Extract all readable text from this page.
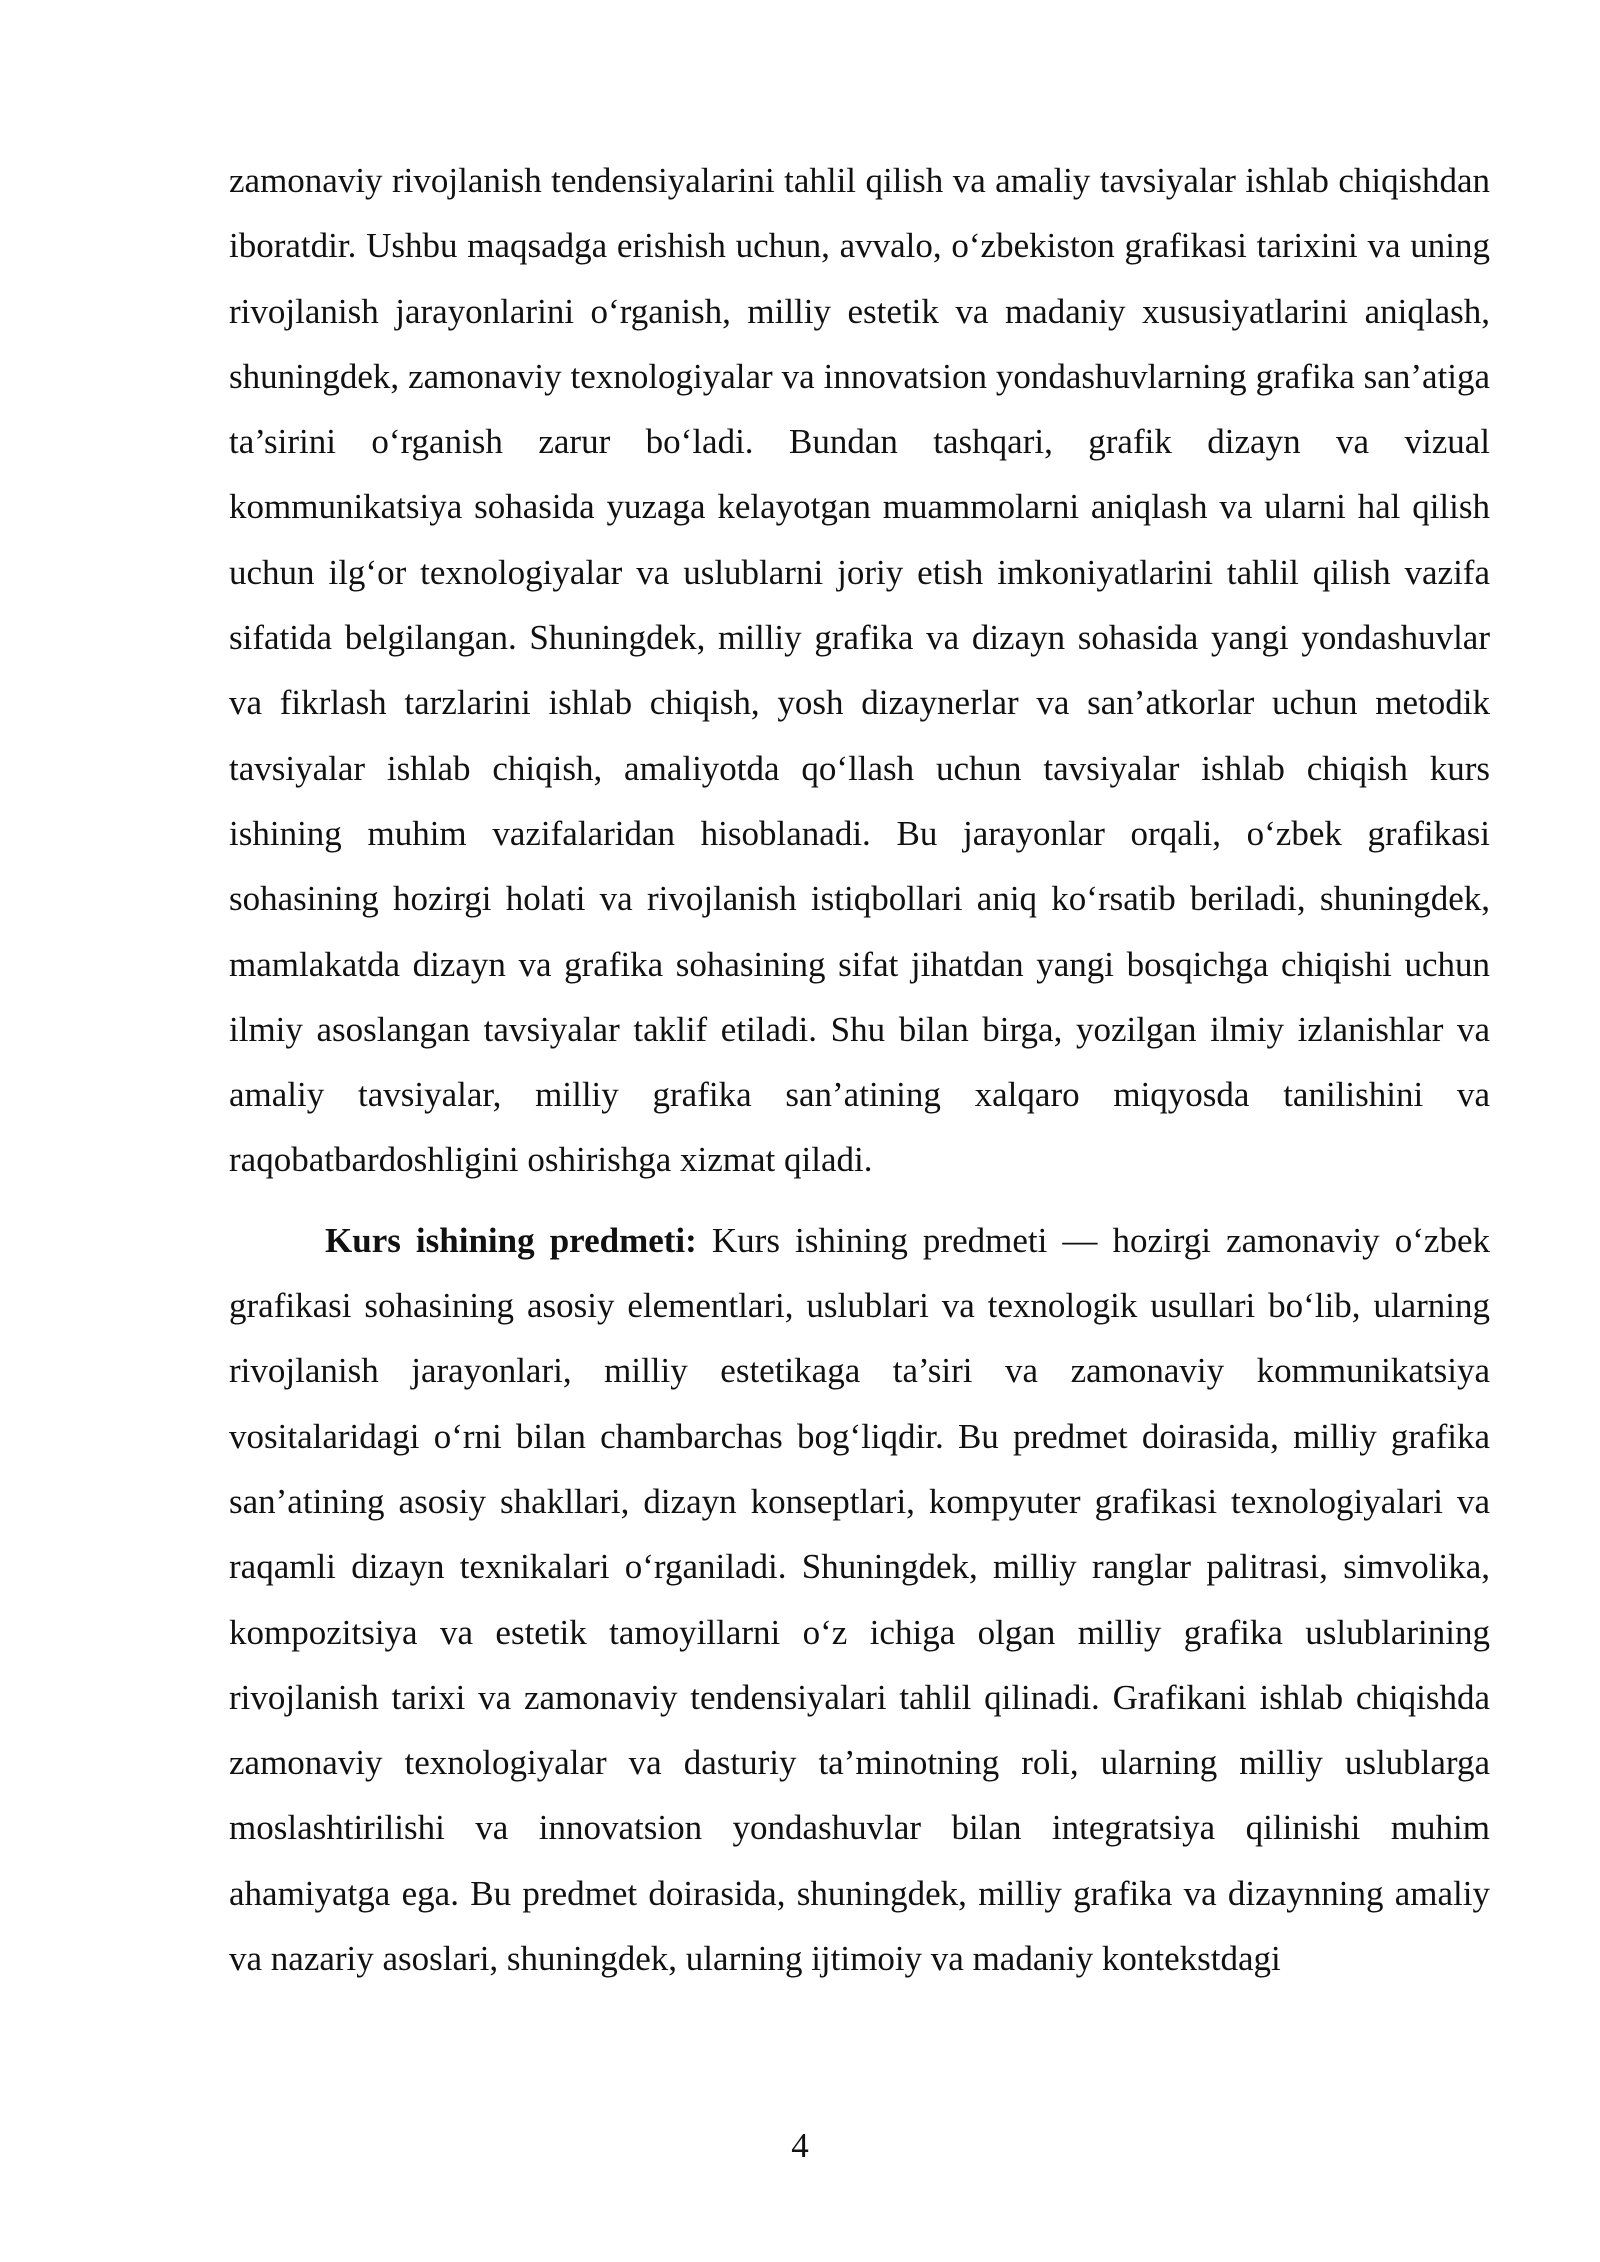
zamonaviy rivojlanish tendensiyalarini tahlil qilish va amaliy tavsiyalar ishlab chiqishdan iboratdir. Ushbu maqsadga erishish uchun, avvalo, o‘zbekiston grafikasi tarixini va uning rivojlanish jarayonlarini o‘rganish, milliy estetik va madaniy xususiyatlarini aniqlash, shuningdek, zamonaviy texnologiyalar va innovatsion yondashuvlarning grafika san’atiga ta’sirini o‘rganish zarur bo‘ladi. Bundan tashqari, grafik dizayn va vizual kommunikatsiya sohasida yuzaga kelayotgan muammolarni aniqlash va ularni hal qilish uchun ilg‘or texnologiyalar va uslublarni joriy etish imkoniyatlarini tahlil qilish vazifa sifatida belgilangan. Shuningdek, milliy grafika va dizayn sohasida yangi yondashuvlar va fikrlash tarzlarini ishlab chiqish, yosh dizaynerlar va san’atkorlar uchun metodik tavsiyalar ishlab chiqish, amaliyotda qo‘llash uchun tavsiyalar ishlab chiqish kurs ishining muhim vazifalaridan hisoblanadi. Bu jarayonlar orqali, o‘zbek grafikasi sohasining hozirgi holati va rivojlanish istiqbollari aniq ko‘rsatib beriladi, shuningdek, mamlakatda dizayn va grafika sohasining sifat jihatdan yangi bosqichga chiqishi uchun ilmiy asoslangan tavsiyalar taklif etiladi. Shu bilan birga, yozilgan ilmiy izlanishlar va amaliy tavsiyalar, milliy grafika san’atining xalqaro miqyosda tanilishini va raqobatbardoshligini oshirishga xizmat qiladi.

Kurs ishining predmeti: Kurs ishining predmeti — hozirgi zamonaviy o‘zbek grafikasi sohasining asosiy elementlari, uslublari va texnologik usullari bo‘lib, ularning rivojlanish jarayonlari, milliy estetikaga ta’siri va zamonaviy kommunikatsiya vositalaridagi o‘rni bilan chambarchas bog‘liqdir. Bu predmet doirasida, milliy grafika san’atining asosiy shakllari, dizayn konseptlari, kompyuter grafikasi texnologiyalari va raqamli dizayn texnikalari o‘rganiladi. Shuningdek, milliy ranglar palitrasi, simvolika, kompozitsiya va estetik tamoyillarni o‘z ichiga olgan milliy grafika uslublarining rivojlanish tarixi va zamonaviy tendensiyalari tahlil qilinadi. Grafikani ishlab chiqishda zamonaviy texnologiyalar va dasturiy ta’minotning roli, ularning milliy uslublarga moslashtirilishi va innovatsion yondashuvlar bilan integratsiya qilinishi muhim ahamiyatga ega. Bu predmet doirasida, shuningdek, milliy grafika va dizaynning amaliy va nazariy asoslari, shuningdek, ularning ijtimoiy va madaniy kontekstdagi

4
